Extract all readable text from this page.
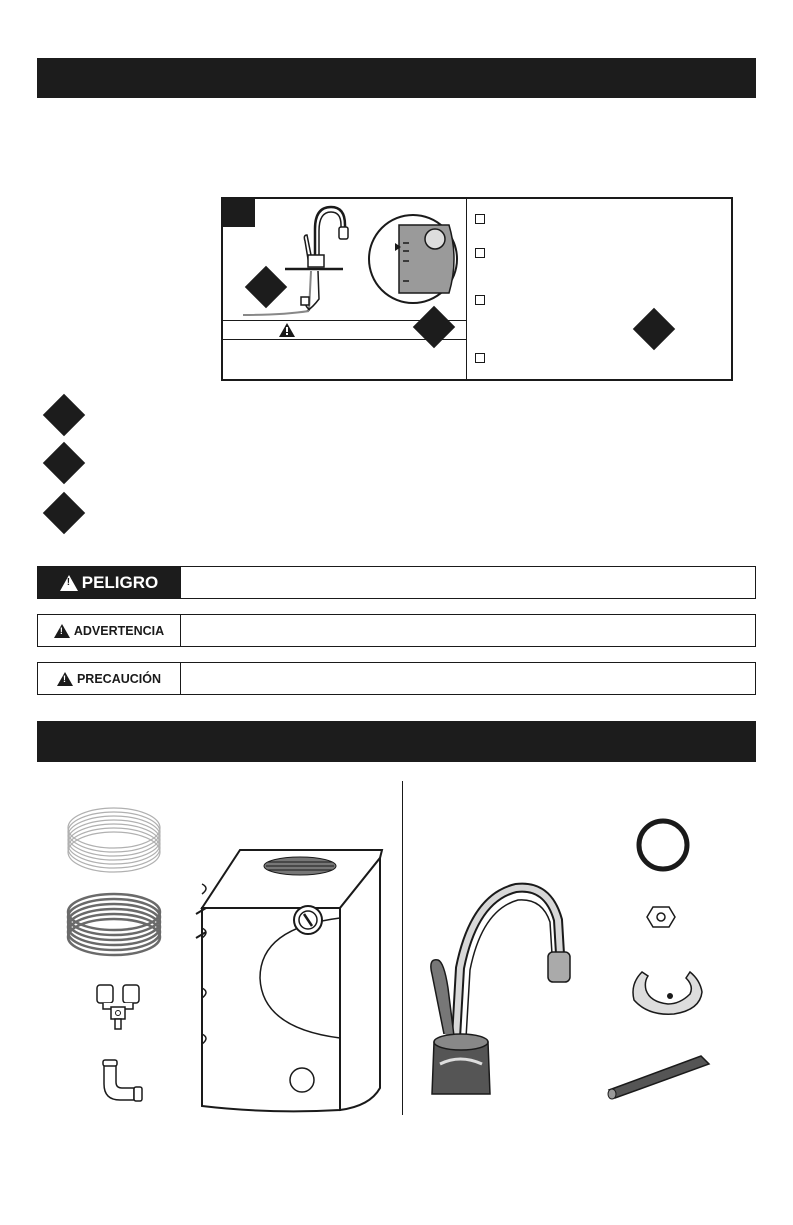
!
PELIGRO
!
ADVERTENCIA
!
PRECAUCIÓN
